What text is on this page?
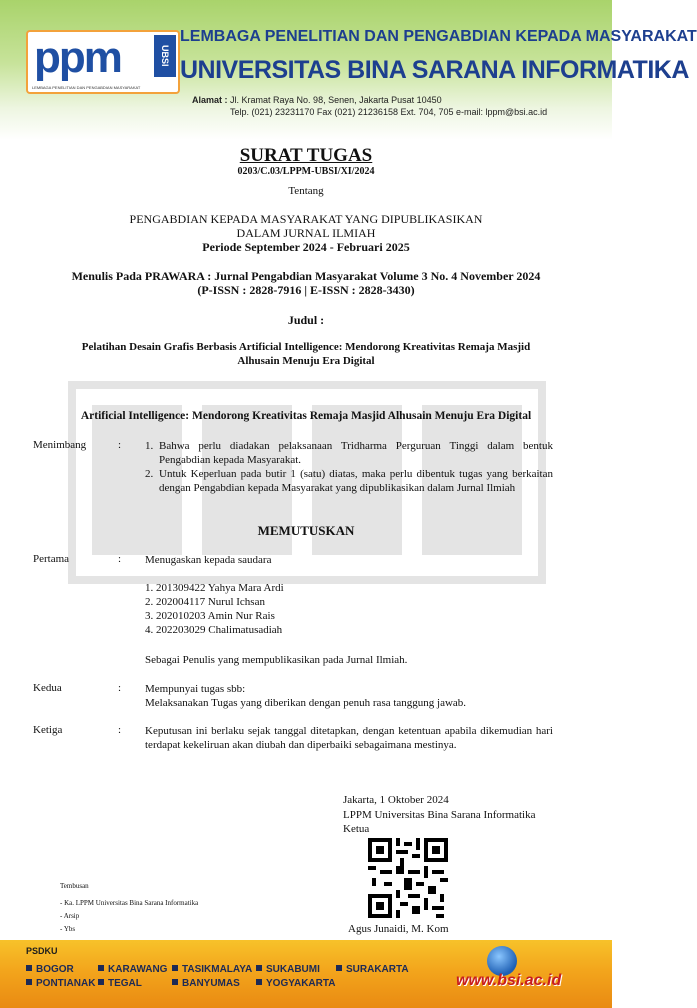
ppm	UBSI
LEMBAGA PENELITIAN DAN PENGABDIAN MASYARAKAT
LEMBAGA PENELITIAN DAN PENGABDIAN KEPADA MASYARAKAT
UNIVERSITAS BINA SARANA INFORMATIKA
Alamat : Jl. Kramat Raya No. 98, Senen, Jakarta Pusat 10450
Telp. (021) 23231170 Fax (021) 21236158 Ext. 704, 705 e-mail: lppm@bsi.ac.id
SURAT TUGAS
0203/C.03/LPPM-UBSI/XI/2024
Tentang
PENGABDIAN KEPADA MASYARAKAT YANG DIPUBLIKASIKAN
DALAM JURNAL ILMIAH
Periode September 2024 - Februari 2025
Menulis Pada PRAWARA : Jurnal Pengabdian Masyarakat Volume 3 No. 4 November 2024
(P-ISSN : 2828-7916 | E-ISSN : 2828-3430)
Judul :
Pelatihan Desain Grafis Berbasis Artificial Intelligence: Mendorong Kreativitas Remaja Masjid
Alhusain Menuju Era Digital
Artificial Intelligence: Mendorong Kreativitas Remaja Masjid Alhusain Menuju Era Digital
Menimbang	: 1. Bahwa perlu diadakan pelaksanaan Tridharma Perguruan Tinggi dalam bentuk Pengabdian kepada Masyarakat.
2. Untuk Keperluan pada butir 1 (satu) diatas, maka perlu dibentuk tugas yang berkaitan dengan Pengabdian kepada Masyarakat yang dipublikasikan dalam Jurnal Ilmiah
MEMUTUSKAN
Pertama	: Menugaskan kepada saudara
1. 201309422 Yahya Mara Ardi
2. 202004117 Nurul Ichsan
3. 202010203 Amin Nur Rais
4. 202203029 Chalimatusadiah
Sebagai Penulis yang mempublikasikan pada Jurnal Ilmiah.
Kedua	: Mempunyai tugas sbb:
Melaksanakan Tugas yang diberikan dengan penuh rasa tanggung jawab.
Ketiga	: Keputusan ini berlaku sejak tanggal ditetapkan, dengan ketentuan apabila dikemudian hari terdapat kekeliruan akan diubah dan diperbaiki sebagaimana mestinya.
Jakarta, 1 Oktober 2024
LPPM Universitas Bina Sarana Informatika
Ketua
Agus Junaidi, M. Kom
Tembusan
- Ka. LPPM Universitas Bina Sarana Informatika
- Arsip
- Ybs
PSDKU
BOGOR	KARAWANG	TASIKMALAYA	SUKABUMI	SURAKARTA
PONTIANAK	TEGAL	BANYUMAS	YOGYAKARTA	www.bsi.ac.id
